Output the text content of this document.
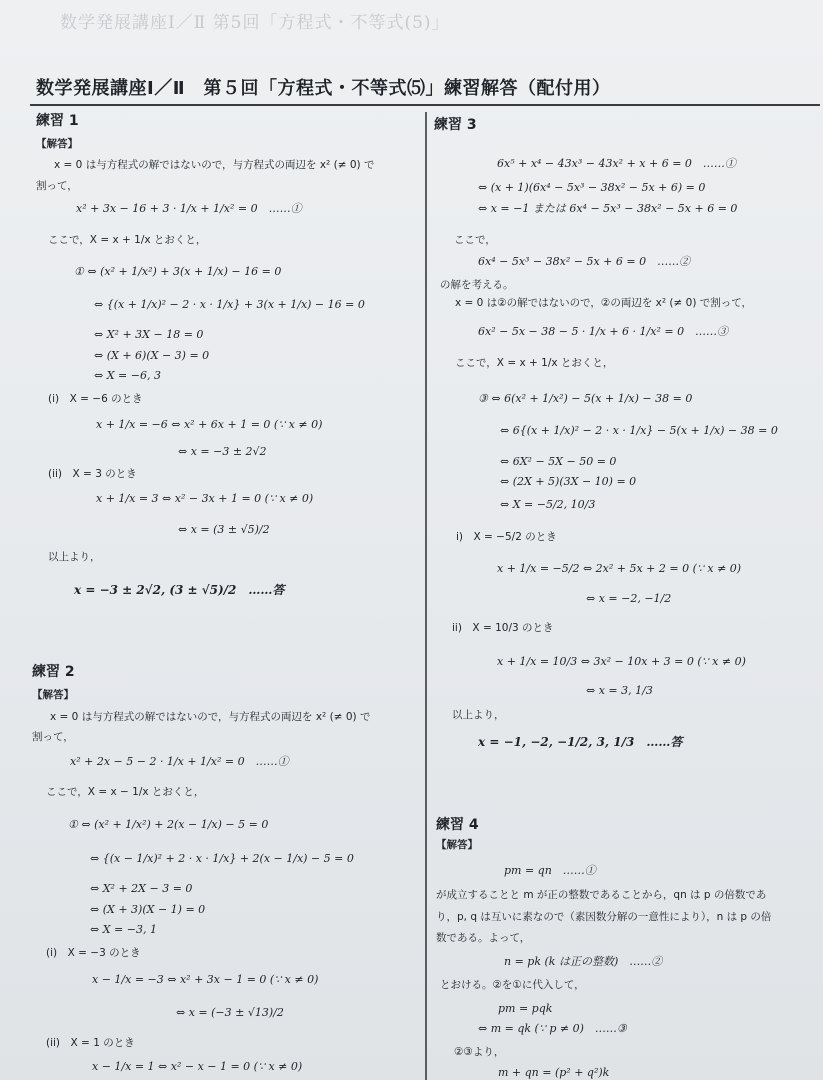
数学発展講座Ⅰ／Ⅱ 第5回「方程式・不等式(5)」
数学発展講座Ⅰ／Ⅱ　第５回「方程式・不等式⑸」練習解答（配付用）
練習 1
【解答】
x = 0 は与方程式の解ではないので，与方程式の両辺を x² (≠ 0) で
割って，
x² + 3x − 16 + 3 · 1/x + 1/x² = 0　……①
ここで，X = x + 1/x とおくと，
① ⇔ (x² + 1/x²) + 3(x + 1/x) − 16 = 0
⇔ {(x + 1/x)² − 2 · x · 1/x} + 3(x + 1/x) − 16 = 0
⇔ X² + 3X − 18 = 0
⇔ (X + 6)(X − 3) = 0
⇔ X = −6, 3
(i)　X = −6 のとき
x + 1/x = −6 ⇔ x² + 6x + 1 = 0 (∵ x ≠ 0)
⇔ x = −3 ± 2√2
(ii)　X = 3 のとき
x + 1/x = 3 ⇔ x² − 3x + 1 = 0 (∵ x ≠ 0)
⇔ x = (3 ± √5)/2
以上より，
x = −3 ± 2√2, (3 ± √5)/2　……答
練習 2
【解答】
x = 0 は与方程式の解ではないので，与方程式の両辺を x² (≠ 0) で
割って，
x² + 2x − 5 − 2 · 1/x + 1/x² = 0　……①
ここで，X = x − 1/x とおくと，
① ⇔ (x² + 1/x²) + 2(x − 1/x) − 5 = 0
⇔ {(x − 1/x)² + 2 · x · 1/x} + 2(x − 1/x) − 5 = 0
⇔ X² + 2X − 3 = 0
⇔ (X + 3)(X − 1) = 0
⇔ X = −3, 1
(i)　X = −3 のとき
x − 1/x = −3 ⇔ x² + 3x − 1 = 0 (∵ x ≠ 0)
⇔ x = (−3 ± √13)/2
(ii)　X = 1 のとき
x − 1/x = 1 ⇔ x² − x − 1 = 0 (∵ x ≠ 0)
練習 3
6x⁵ + x⁴ − 43x³ − 43x² + x + 6 = 0　……①
⇔ (x + 1)(6x⁴ − 5x³ − 38x² − 5x + 6) = 0
⇔ x = −1 または 6x⁴ − 5x³ − 38x² − 5x + 6 = 0
ここで，
6x⁴ − 5x³ − 38x² − 5x + 6 = 0　……②
の解を考える。
x = 0 は②の解ではないので，②の両辺を x² (≠ 0) で割って，
6x² − 5x − 38 − 5 · 1/x + 6 · 1/x² = 0　……③
ここで，X = x + 1/x とおくと，
③ ⇔ 6(x² + 1/x²) − 5(x + 1/x) − 38 = 0
⇔ 6{(x + 1/x)² − 2 · x · 1/x} − 5(x + 1/x) − 38 = 0
⇔ 6X² − 5X − 50 = 0
⇔ (2X + 5)(3X − 10) = 0
⇔ X = −5/2, 10/3
i)　X = −5/2 のとき
x + 1/x = −5/2 ⇔ 2x² + 5x + 2 = 0 (∵ x ≠ 0)
⇔ x = −2, −1/2
ii)　X = 10/3 のとき
x + 1/x = 10/3 ⇔ 3x² − 10x + 3 = 0 (∵ x ≠ 0)
⇔ x = 3, 1/3
以上より，
x = −1, −2, −1/2, 3, 1/3　……答
練習 4
【解答】
pm = qn　……①
が成立することと m が正の整数であることから，qn は p の倍数であ
り，p, q は互いに素なので（素因数分解の一意性により），n は p の倍
数である。よって，
n = pk (k は正の整数)　……②
とおける。②を①に代入して，
pm = pqk
⇔ m = qk (∵ p ≠ 0)　……③
②③より，
m + qn = (p² + q²)k
